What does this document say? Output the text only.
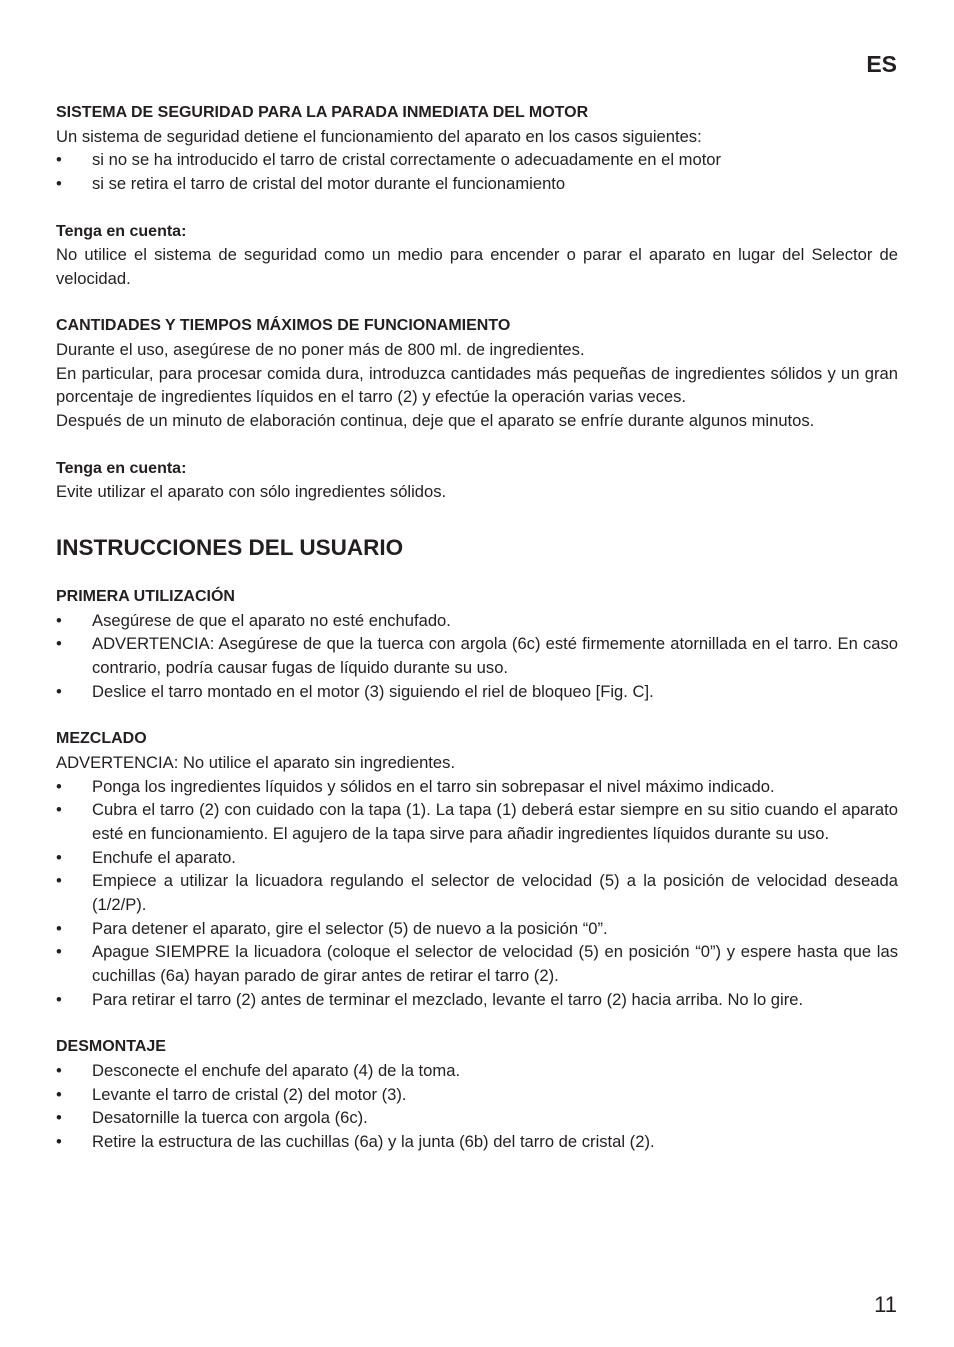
ES
SISTEMA DE SEGURIDAD PARA LA PARADA INMEDIATA DEL MOTOR

Un sistema de seguridad detiene el funcionamiento del aparato en los casos siguientes:

• si no se ha introducido el tarro de cristal correctamente o adecuadamente en el motor
• si se retira el tarro de cristal del motor durante el funcionamiento
Tenga en cuenta:

No utilice el sistema de seguridad como un medio para encender o parar el aparato en lugar del Selector de velocidad.

CANTIDADES Y TIEMPOS MÁXIMOS DE FUNCIONAMIENTO

Durante el uso, asegúrese de no poner más de 800 ml. de ingredientes.

En particular, para procesar comida dura, introduzca cantidades más pequeñas de ingredientes sólidos y un gran porcentaje de ingredientes líquidos en el tarro (2) y efectúe la operación varias veces.

Después de un minuto de elaboración continua, deje que el aparato se enfríe durante algunos minutos.

Tenga en cuenta:

Evite utilizar el aparato con sólo ingredientes sólidos.

INSTRUCCIONES DEL USUARIO
PRIMERA UTILIZACIÓN
• Asegúrese de que el aparato no esté enchufado.
• ADVERTENCIA: Asegúrese de que la tuerca con argola (6c) esté firmemente atornillada en el tarro. En caso contrario, podría causar fugas de líquido durante su uso.
• Deslice el tarro montado en el motor (3) siguiendo el riel de bloqueo [Fig. C].
MEZCLADO

ADVERTENCIA: No utilice el aparato sin ingredientes.

• Ponga los ingredientes líquidos y sólidos en el tarro sin sobrepasar el nivel máximo indicado.
• Cubra el tarro (2) con cuidado con la tapa (1). La tapa (1) deberá estar siempre en su sitio cuando el aparato esté en funcionamiento. El agujero de la tapa sirve para añadir ingredientes líquidos durante su uso.
• Enchufe el aparato.
• Empiece a utilizar la licuadora regulando el selector de velocidad (5) a la posición de velocidad deseada (1/2/P).
• Para detener el aparato, gire el selector (5) de nuevo a la posición “0”.
• Apague SIEMPRE la licuadora (coloque el selector de velocidad (5) en posición “0”) y espere hasta que las cuchillas (6a) hayan parado de girar antes de retirar el tarro (2).
• Para retirar el tarro (2) antes de terminar el mezclado, levante el tarro (2) hacia arriba. No lo gire.
DESMONTAJE
• Desconecte el enchufe del aparato (4) de la toma.
• Levante el tarro de cristal (2) del motor (3).
• Desatornille la tuerca con argola (6c).
• Retire la estructura de las cuchillas (6a) y la junta (6b) del tarro de cristal (2).
11
